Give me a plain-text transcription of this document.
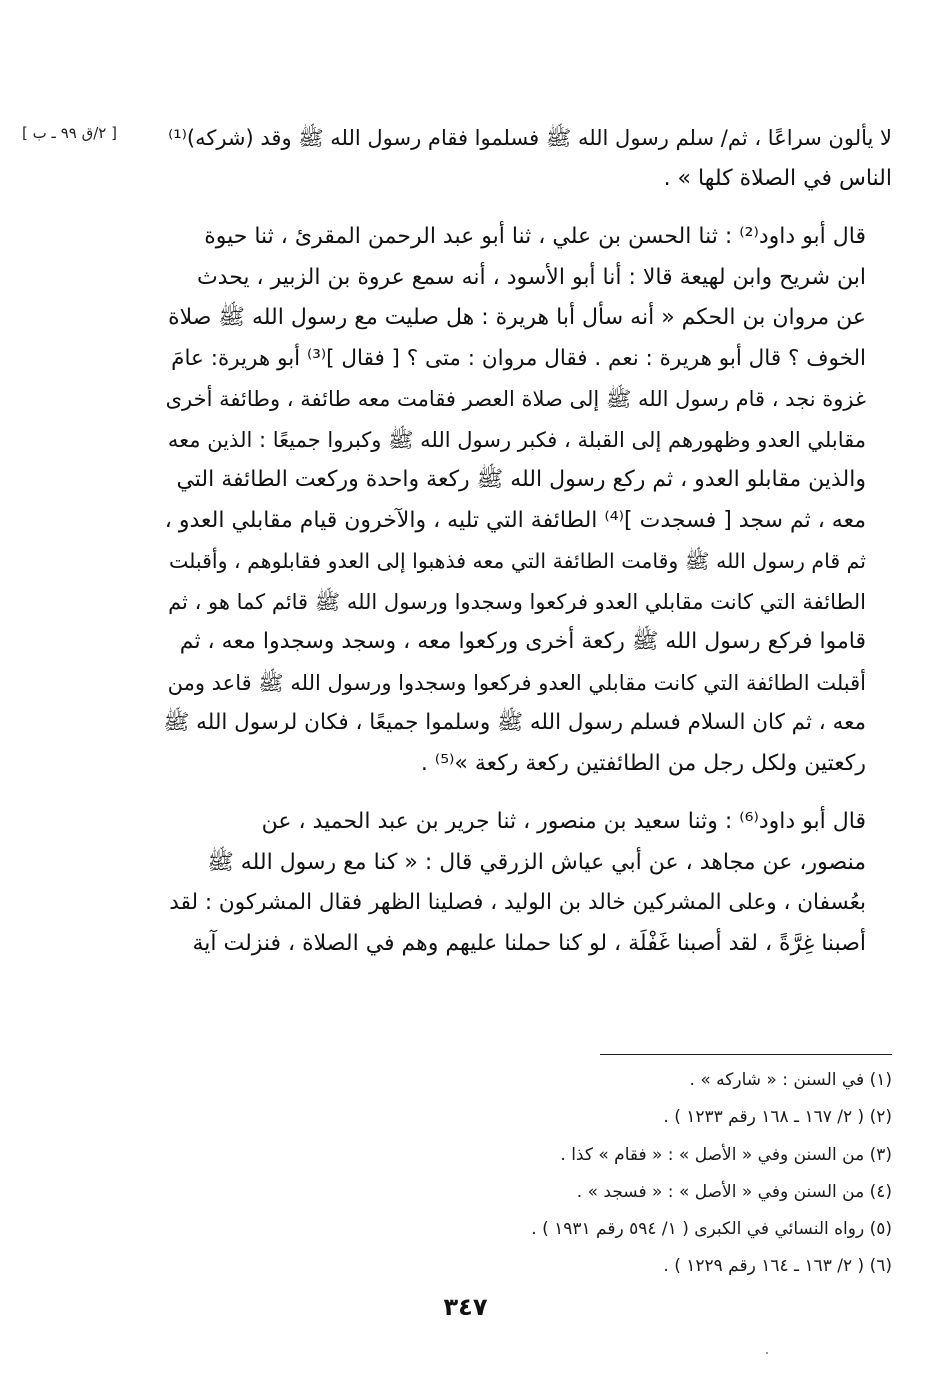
[ ٢/ق ٩٩ ـ ب ]	لا يألون سراعًا ، ثم/ سلم رسول الله ﷺ فسلموا فقام رسول الله ﷺ وقد (شركه)⁽¹⁾
الناس في الصلاة كلها » .
قال أبو داود⁽²⁾ : ثنا الحسن بن علي ، ثنا أبو عبد الرحمن المقرئ ، ثنا حيوة
ابن شريح وابن لهيعة قالا : أنا أبو الأسود ، أنه سمع عروة بن الزبير ، يحدث
عن مروان بن الحكم « أنه سأل أبا هريرة : هل صليت مع رسول الله ﷺ صلاة
الخوف ؟ قال أبو هريرة : نعم . فقال مروان : متى ؟ [ فقال ]⁽³⁾ أبو هريرة: عامَ
غزوة نجد ، قام رسول الله ﷺ إلى صلاة العصر فقامت معه طائفة ، وطائفة أخرى
مقابلي العدو وظهورهم إلى القبلة ، فكبر رسول الله ﷺ وكبروا جميعًا : الذين معه
والذين مقابلو العدو ، ثم ركع رسول الله ﷺ ركعة واحدة وركعت الطائفة التي
معه ، ثم سجد [ فسجدت ]⁽⁴⁾ الطائفة التي تليه ، والآخرون قيام مقابلي العدو ،
ثم قام رسول الله ﷺ وقامت الطائفة التي معه فذهبوا إلى العدو فقابلوهم ، وأقبلت
الطائفة التي كانت مقابلي العدو فركعوا وسجدوا ورسول الله ﷺ قائم كما هو ، ثم
قاموا فركع رسول الله ﷺ ركعة أخرى وركعوا معه ، وسجد وسجدوا معه ، ثم
أقبلت الطائفة التي كانت مقابلي العدو فركعوا وسجدوا ورسول الله ﷺ قاعد ومن
معه ، ثم كان السلام فسلم رسول الله ﷺ وسلموا جميعًا ، فكان لرسول الله ﷺ
ركعتين ولكل رجل من الطائفتين ركعة ركعة »⁽⁵⁾ .
قال أبو داود⁽⁶⁾ : وثنا سعيد بن منصور ، ثنا جرير بن عبد الحميد ، عن
منصور، عن مجاهد ، عن أبي عياش الزرقي قال : « كنا مع رسول الله ﷺ
بعُسفان ، وعلى المشركين خالد بن الوليد ، فصلينا الظهر فقال المشركون : لقد
أصبنا غِرَّةً ، لقد أصبنا غَفْلَة ، لو كنا حملنا عليهم وهم في الصلاة ، فنزلت آية
(١) في السنن : « شاركه » .
(٢) ( ٢/ ١٦٧ ـ ١٦٨ رقم ١٢٣٣ ) .
(٣) من السنن وفي « الأصل » : « فقام » كذا .
(٤) من السنن وفي « الأصل » : « فسجد » .
(٥) رواه النسائي في الكبرى ( ١/ ٥٩٤ رقم ١٩٣١ ) .
(٦) ( ٢/ ١٦٣ ـ ١٦٤ رقم ١٢٢٩ ) .
٣٤٧
